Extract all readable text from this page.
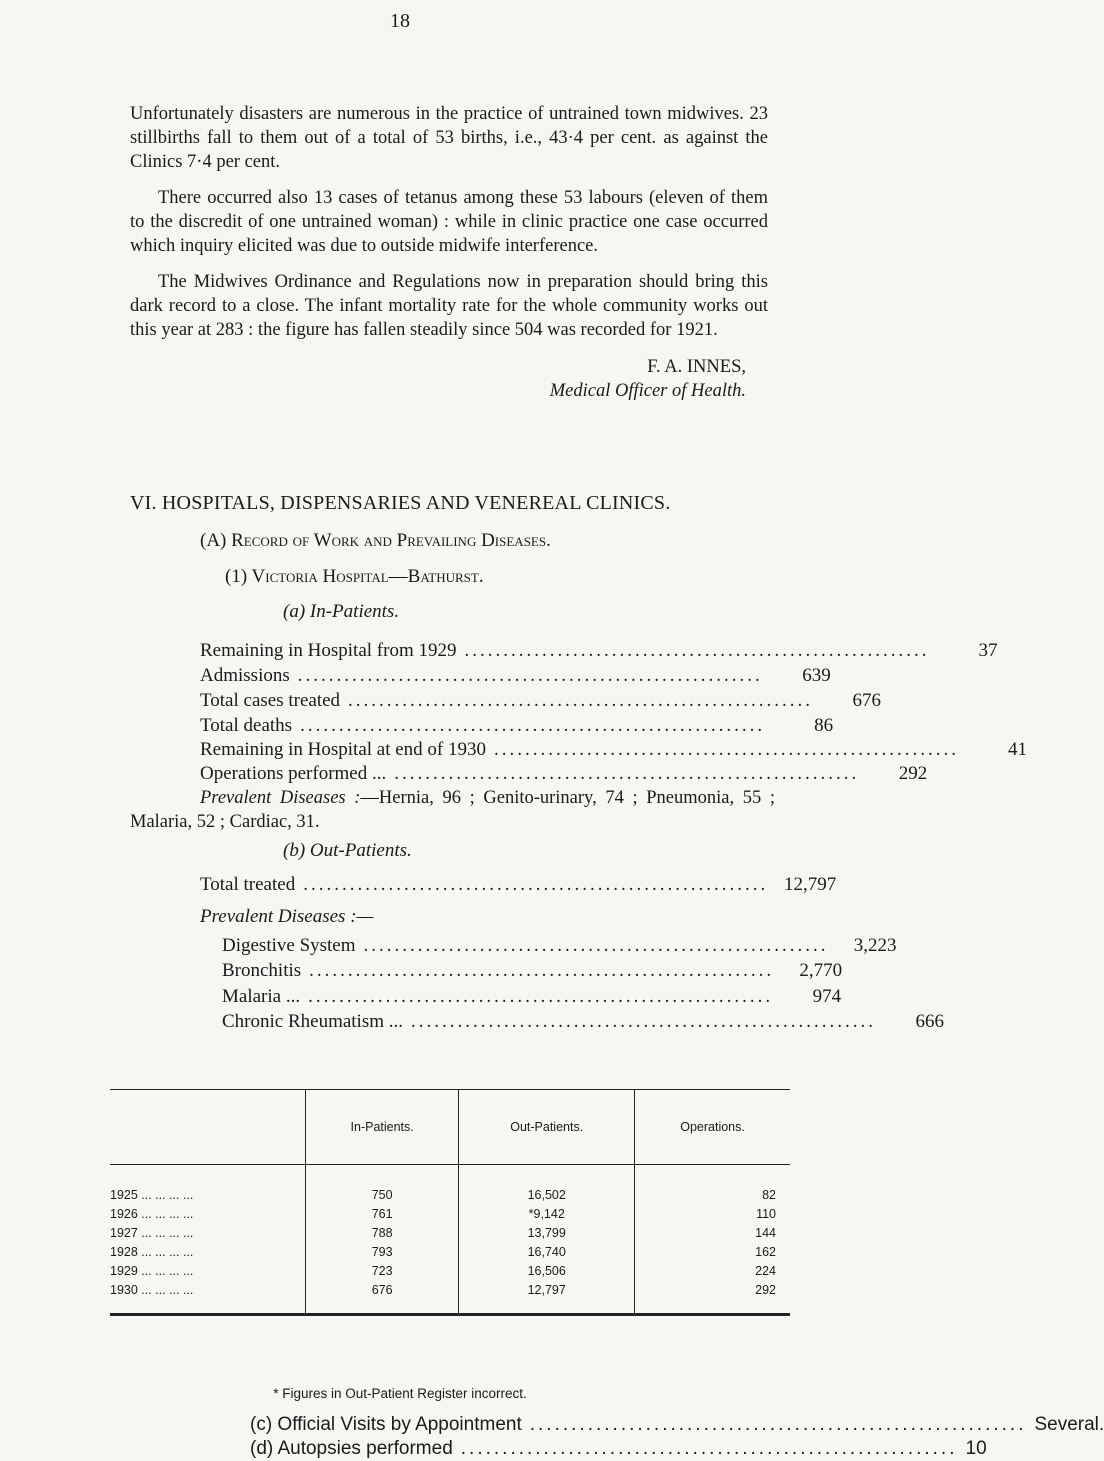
18

Unfortunately disasters are numerous in the practice of untrained town midwives. 23 stillbirths fall to them out of a total of 53 births, i.e., 43·4 per cent. as against the Clinics 7·4 per cent.

There occurred also 13 cases of tetanus among these 53 labours (eleven of them to the discredit of one untrained woman) : while in clinic practice one case occurred which inquiry elicited was due to outside midwife interference.

The Midwives Ordinance and Regulations now in preparation should bring this dark record to a close. The infant mortality rate for the whole community works out this year at 283 : the figure has fallen steadily since 504 was recorded for 1921.

F. A. INNES,
Medical Officer of Health.
VI. HOSPITALS, DISPENSARIES AND VENEREAL CLINICS.
(A) Record of Work and Prevailing Diseases.
(1) Victoria Hospital—Bathurst.
(a) In-Patients.
Remaining in Hospital from 1929 ............................................................	37
Admissions ............................................................	639
Total cases treated ............................................................	676
Total deaths ............................................................	86
Remaining in Hospital at end of 1930 ............................................................	41
Operations performed ... ............................................................	292

Prevalent Diseases :—Hernia, 96 ; Genito-urinary, 74 ; Pneumonia, 55 ; Malaria, 52 ; Cardiac, 31.

(b) Out-Patients.
Total treated ............................................................ 12,797
Prevalent Diseases :—
Digestive System ............................................................	3,223
Bronchitis ............................................................	2,770
Malaria ... ............................................................	974
Chronic Rheumatism ... ............................................................	666
	In-Patients.	Out-Patients.	Operations.
1925 ... ... ... ...	750	16,502	82
1926 ... ... ... ...	761	*9,142	110
1927 ... ... ... ...	788	13,799	144
1928 ... ... ... ...	793	16,740	162
1929 ... ... ... ...	723	16,506	224
1930 ... ... ... ...	676	12,797	292
* Figures in Out-Patient Register incorrect.
(c) Official Visits by Appointment ............................................................ Several.
(d) Autopsies performed ............................................................ 10
